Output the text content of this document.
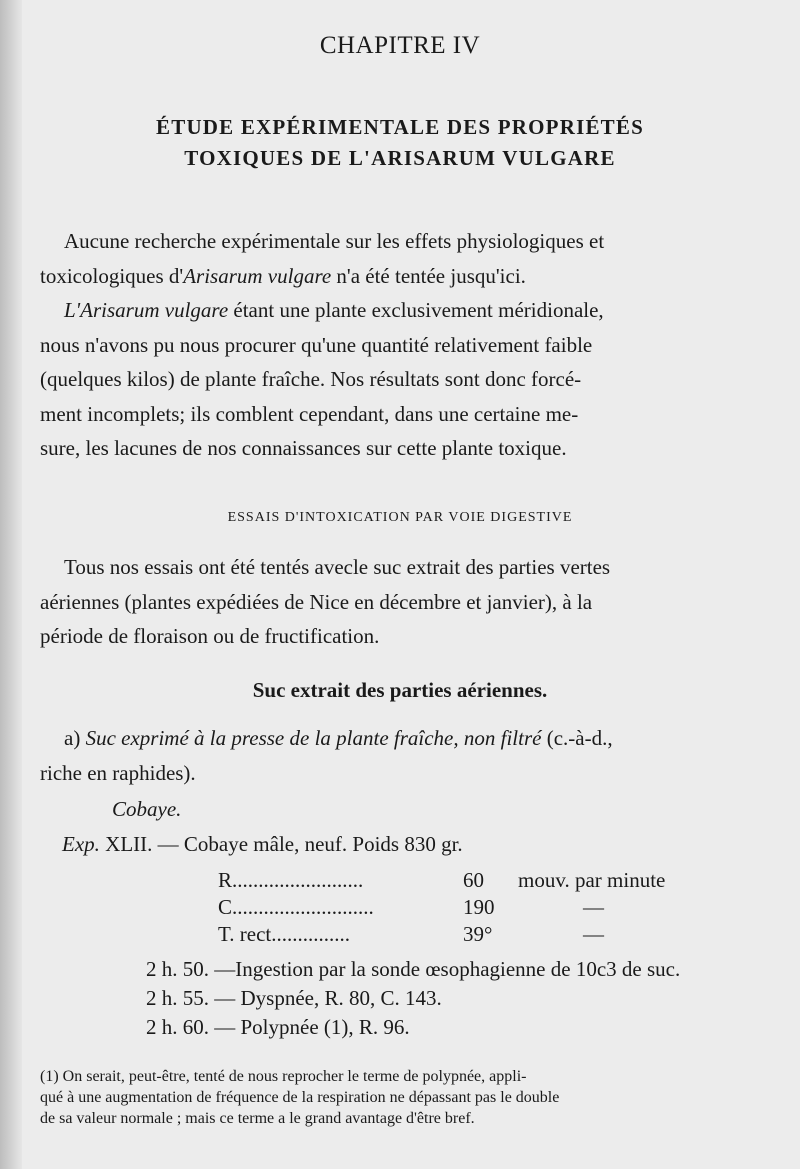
CHAPITRE IV
ÉTUDE EXPÉRIMENTALE DES PROPRIÉTÉS
TOXIQUES DE L'ARISARUM VULGARE
Aucune recherche expérimentale sur les effets physiologiques et
toxicologiques d'Arisarum vulgare n'a été tentée jusqu'ici.
L'Arisarum vulgare étant une plante exclusivement méridionale,
nous n'avons pu nous procurer qu'une quantité relativement faible
(quelques kilos) de plante fraîche. Nos résultats sont donc forcé-
ment incomplets; ils comblent cependant, dans une certaine me-
sure, les lacunes de nos connaissances sur cette plante toxique.
ESSAIS D'INTOXICATION PAR VOIE DIGESTIVE
Tous nos essais ont été tentés avecle suc extrait des parties vertes
aériennes (plantes expédiées de Nice en décembre et janvier), à la
période de floraison ou de fructification.
Suc extrait des parties aériennes.
a) Suc exprimé à la presse de la plante fraîche, non filtré (c.-à-d.,
riche en raphides).
Cobaye.
Exp. XLII. — Cobaye mâle, neuf. Poids 830 gr.
R.........................	60 mouv. par minute
C...........................	190	—
T. rect...............	39°	—
2 h. 50. —Ingestion par la sonde œsophagienne de 10c3 de suc.
2 h. 55. — Dyspnée, R. 80, C. 143.
2 h. 60. — Polypnée (1), R. 96.
(1) On serait, peut-être, tenté de nous reprocher le terme de polypnée, appli-
qué à une augmentation de fréquence de la respiration ne dépassant pas le double
de sa valeur normale ; mais ce terme a le grand avantage d'être bref.
